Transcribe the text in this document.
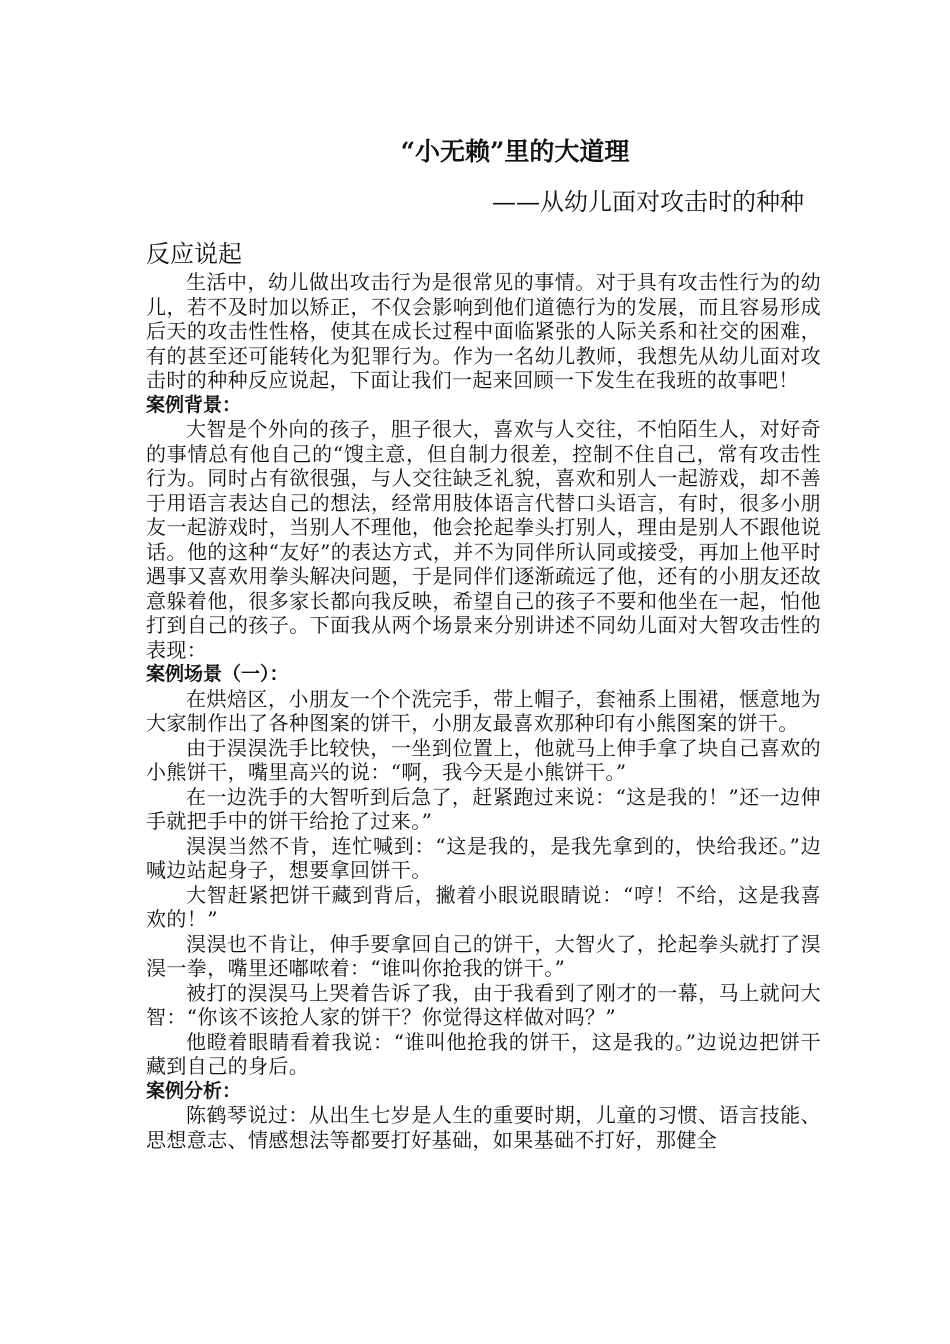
“小无赖”里的大道理
——从幼儿面对攻击时的种种
反应说起

生活中，幼儿做出攻击行为是很常见的事情。对于具有攻击性行为的幼儿，若不及时加以矫正，不仅会影响到他们道德行为的发展，而且容易形成后天的攻击性性格，使其在成长过程中面临紧张的人际关系和社交的困难，有的甚至还可能转化为犯罪行为。作为一名幼儿教师，我想先从幼儿面对攻击时的种种反应说起，下面让我们一起来回顾一下发生在我班的故事吧！

案例背景：

大智是个外向的孩子，胆子很大，喜欢与人交往，不怕陌生人，对好奇的事情总有他自己的“馊主意，但自制力很差，控制不住自己，常有攻击性行为。同时占有欲很强，与人交往缺乏礼貌，喜欢和别人一起游戏，却不善于用语言表达自己的想法，经常用肢体语言代替口头语言，有时，很多小朋友一起游戏时，当别人不理他，他会抡起拳头打别人，理由是别人不跟他说话。他的这种“友好”的表达方式，并不为同伴所认同或接受，再加上他平时遇事又喜欢用拳头解决问题，于是同伴们逐渐疏远了他，还有的小朋友还故意躲着他，很多家长都向我反映，希望自己的孩子不要和他坐在一起，怕他打到自己的孩子。下面我从两个场景来分别讲述不同幼儿面对大智攻击性的表现：

案例场景（一）：

在烘焙区，小朋友一个个洗完手，带上帽子，套袖系上围裙，惬意地为大家制作出了各种图案的饼干，小朋友最喜欢那种印有小熊图案的饼干。

由于淏淏洗手比较快，一坐到位置上，他就马上伸手拿了块自己喜欢的小熊饼干，嘴里高兴的说：“啊，我今天是小熊饼干。”

在一边洗手的大智听到后急了，赶紧跑过来说：“这是我的！”还一边伸手就把手中的饼干给抢了过来。”

淏淏当然不肯，连忙喊到：“这是我的，是我先拿到的，快给我还。”边喊边站起身子，想要拿回饼干。

大智赶紧把饼干藏到背后，撇着小眼说眼睛说：“哼！不给，这是我喜欢的！”

淏淏也不肯让，伸手要拿回自己的饼干，大智火了，抡起拳头就打了淏淏一拳，嘴里还嘟哝着：“谁叫你抢我的饼干。”

被打的淏淏马上哭着告诉了我，由于我看到了刚才的一幕，马上就问大智：“你该不该抢人家的饼干？你觉得这样做对吗？”

他瞪着眼睛看着我说：“谁叫他抢我的饼干，这是我的。”边说边把饼干藏到自己的身后。

案例分析：

陈鹤琴说过：从出生七岁是人生的重要时期，儿童的习惯、语言技能、思想意志、情感想法等都要打好基础，如果基础不打好，那健全
